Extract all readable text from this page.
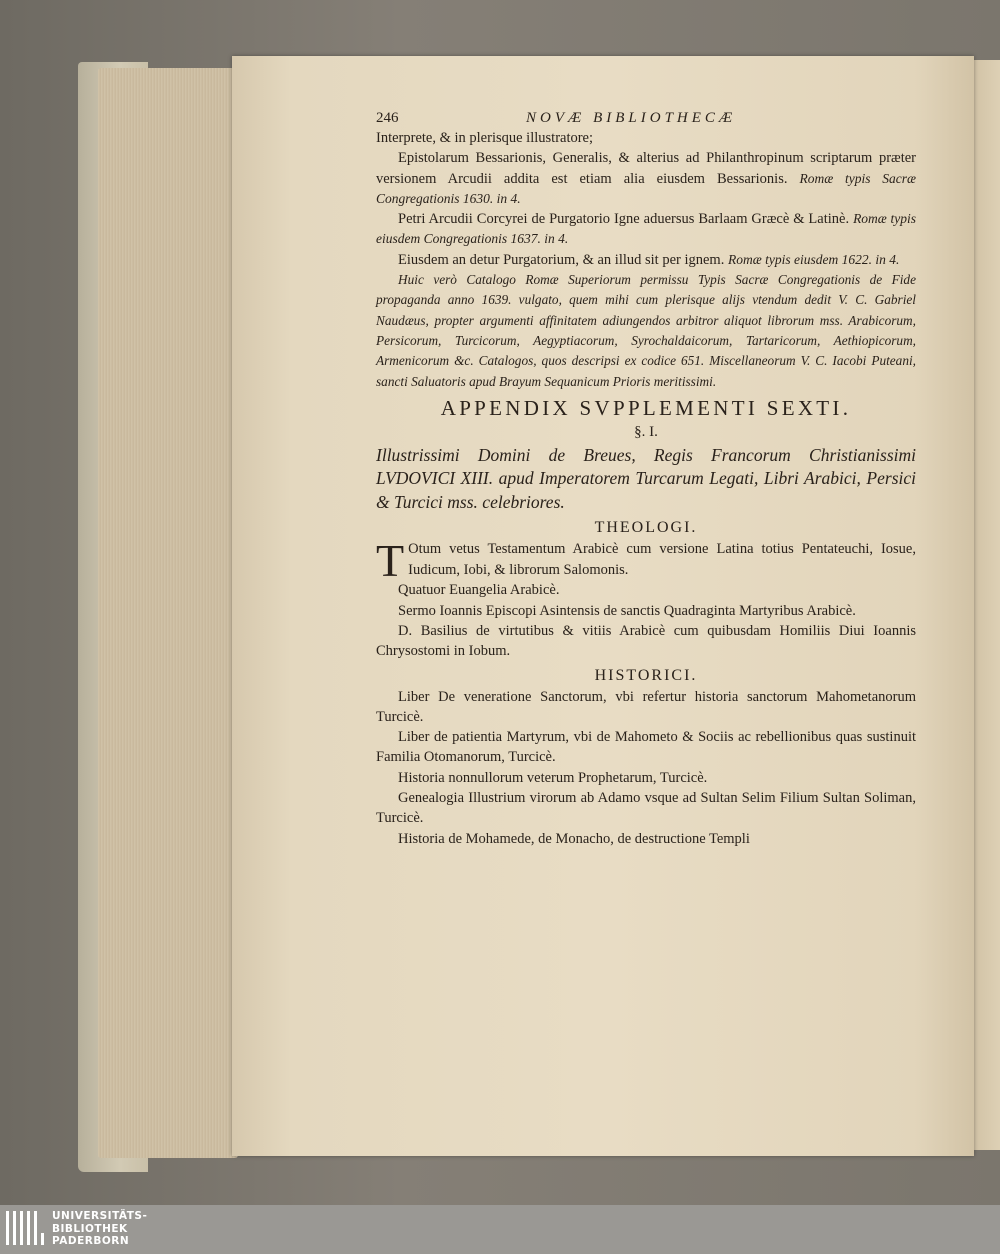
246	NOVÆ BIBLIOTHECÆ

Interprete, & in plerisque illustratore;

Epistolarum Bessarionis, Generalis, & alterius ad Philanthropinum scriptarum præter versionem Arcudii addita est etiam alia eiusdem Bessarionis. Romæ typis Sacræ Congregationis 1630. in 4.

Petri Arcudii Corcyrei de Purgatorio Igne aduersus Barlaam Græcè & Latinè. Romæ typis eiusdem Congregationis 1637. in 4.

Eiusdem an detur Purgatorium, & an illud sit per ignem. Romæ typis eiusdem 1622. in 4.

Huic verò Catalogo Romæ Superiorum permissu Typis Sacræ Congregationis de Fide propaganda anno 1639. vulgato, quem mihi cum plerisque alijs vtendum dedit V. C. Gabriel Naudæus, propter argumenti affinitatem adiungendos arbitror aliquot librorum mss. Arabicorum, Persicorum, Turcicorum, Aegyptiacorum, Syrochaldaicorum, Tartaricorum, Aethiopicorum, Armenicorum &c. Catalogos, quos descripsi ex codice 651. Miscellaneorum V. C. Iacobi Puteani, sancti Saluatoris apud Brayum Sequanicum Prioris meritissimi.

APPENDIX SVPPLEMENTI SEXTI.
§. I.

Illustrissimi Domini de Breues, Regis Francorum Christianissimi LVDOVICI XIII. apud Imperatorem Turcarum Legati, Libri Arabici, Persici & Turcici mss. celebriores.

THEOLOGI.

T Otum vetus Testamentum Arabicè cum versione Latina totius Pentateuchi, Iosue, Iudicum, Iobi, & librorum Salomonis.

Quatuor Euangelia Arabicè.

Sermo Ioannis Episcopi Asintensis de sanctis Quadraginta Martyribus Arabicè.

D. Basilius de virtutibus & vitiis Arabicè cum quibusdam Homiliis Diui Ioannis Chrysostomi in Iobum.

HISTORICI.

Liber De veneratione Sanctorum, vbi refertur historia sanctorum Mahometanorum Turcicè.

Liber de patientia Martyrum, vbi de Mahometo & Sociis ac rebellionibus quas sustinuit Familia Otomanorum, Turcicè.

Historia nonnullorum veterum Prophetarum, Turcicè.

Genealogia Illustrium virorum ab Adamo vsque ad Sultan Selim Filium Sultan Soliman, Turcicè.

Historia de Mohamede, de Monacho, de destructione Templi

UNIVERSITÄTS-
BIBLIOTHEK
PADERBORN
